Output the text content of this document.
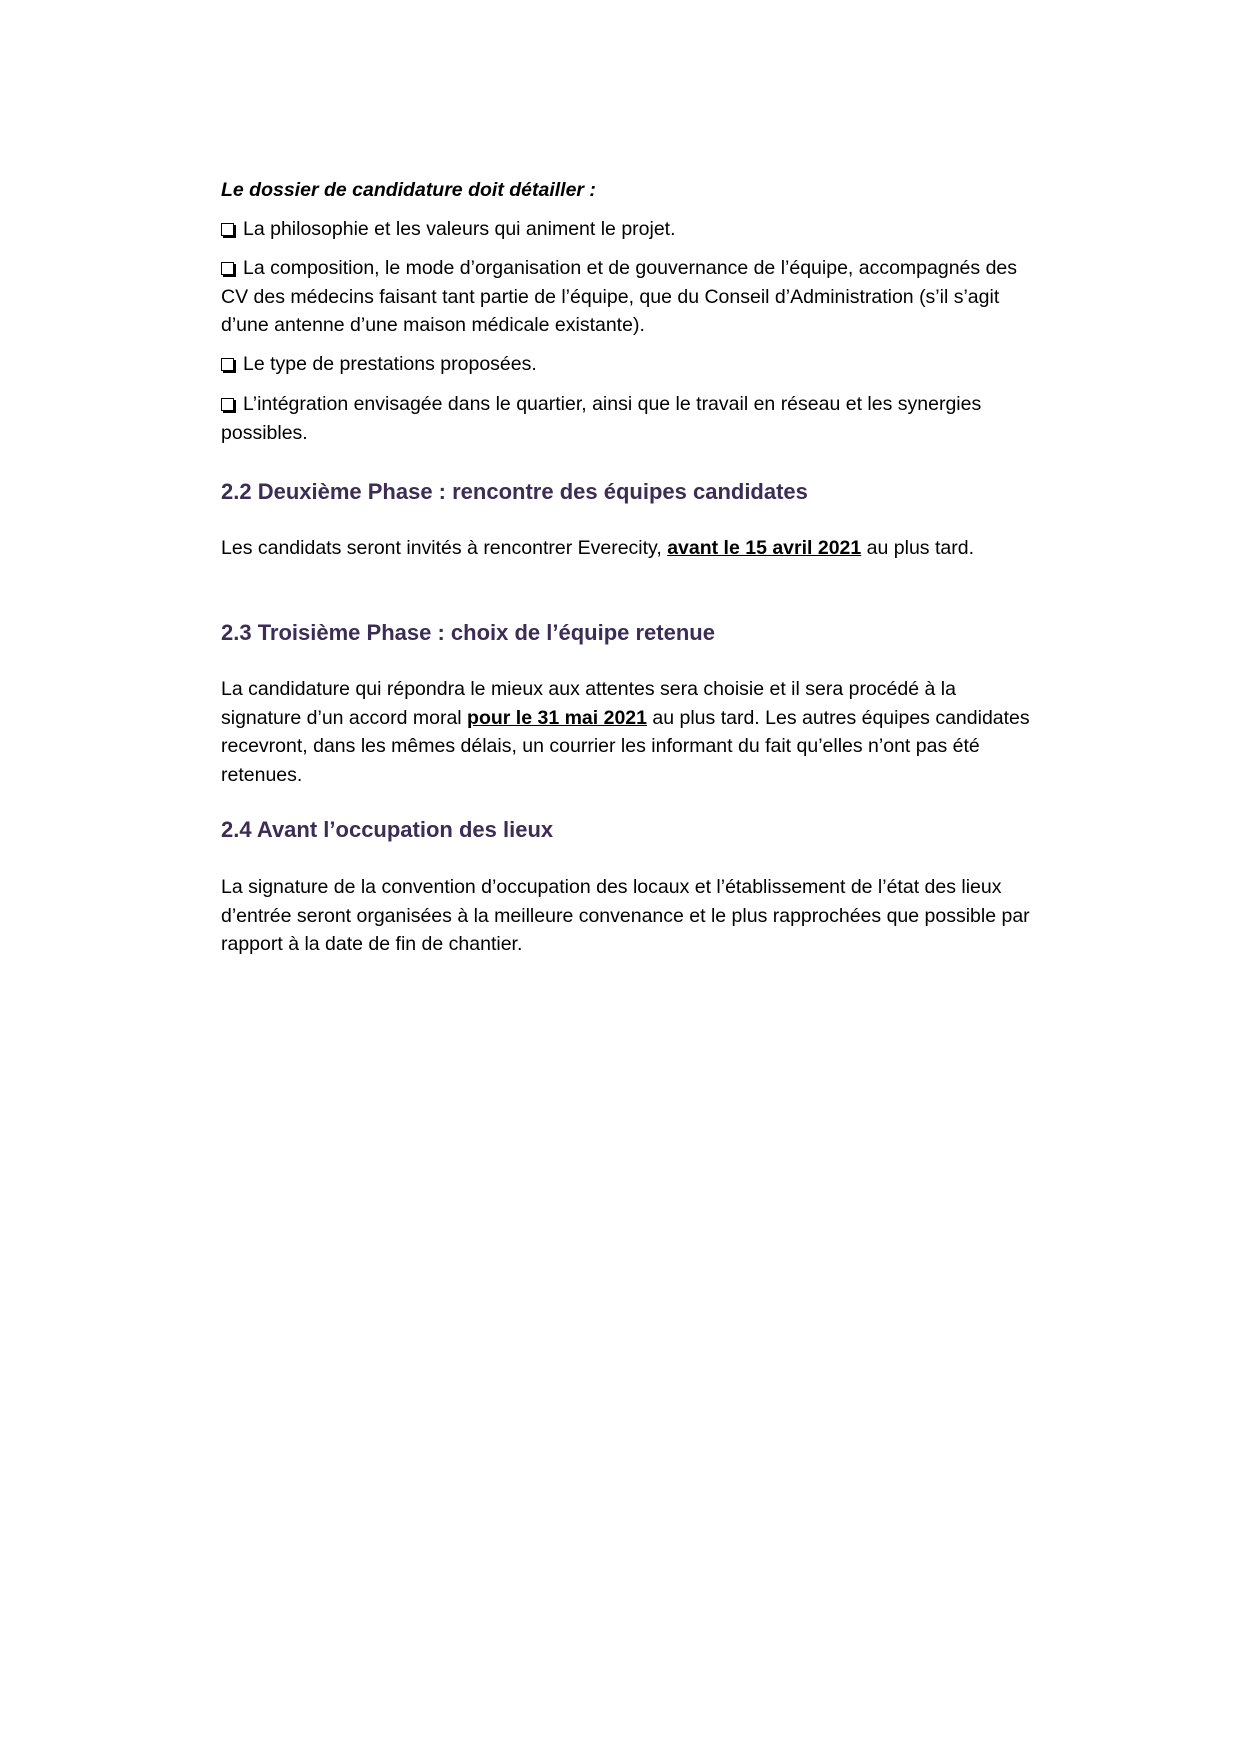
Le dossier de candidature doit détailler :

La philosophie et les valeurs qui animent le projet.
La composition, le mode d’organisation et de gouvernance de l’équipe, accompagnés des
CV des médecins faisant tant partie de l’équipe, que du Conseil d’Administration (s’il s’agit
d’une antenne d’une maison médicale existante).
Le type de prestations proposées.
L’intégration envisagée dans le quartier, ainsi que le travail en réseau et les synergies
possibles.
2.2 Deuxième Phase : rencontre des équipes candidates

Les candidats seront invités à rencontrer Everecity, avant le 15 avril 2021 au plus tard.

2.3 Troisième Phase : choix de l’équipe retenue
La candidature qui répondra le mieux aux attentes sera choisie et il sera procédé à la
signature d’un accord moral pour le 31 mai 2021 au plus tard. Les autres équipes candidates
recevront, dans les mêmes délais, un courrier les informant du fait qu’elles n’ont pas été
retenues.
2.4 Avant l’occupation des lieux
La signature de la convention d’occupation des locaux et l’établissement de l’état des lieux
d’entrée seront organisées à la meilleure convenance et le plus rapprochées que possible par
rapport à la date de fin de chantier.
